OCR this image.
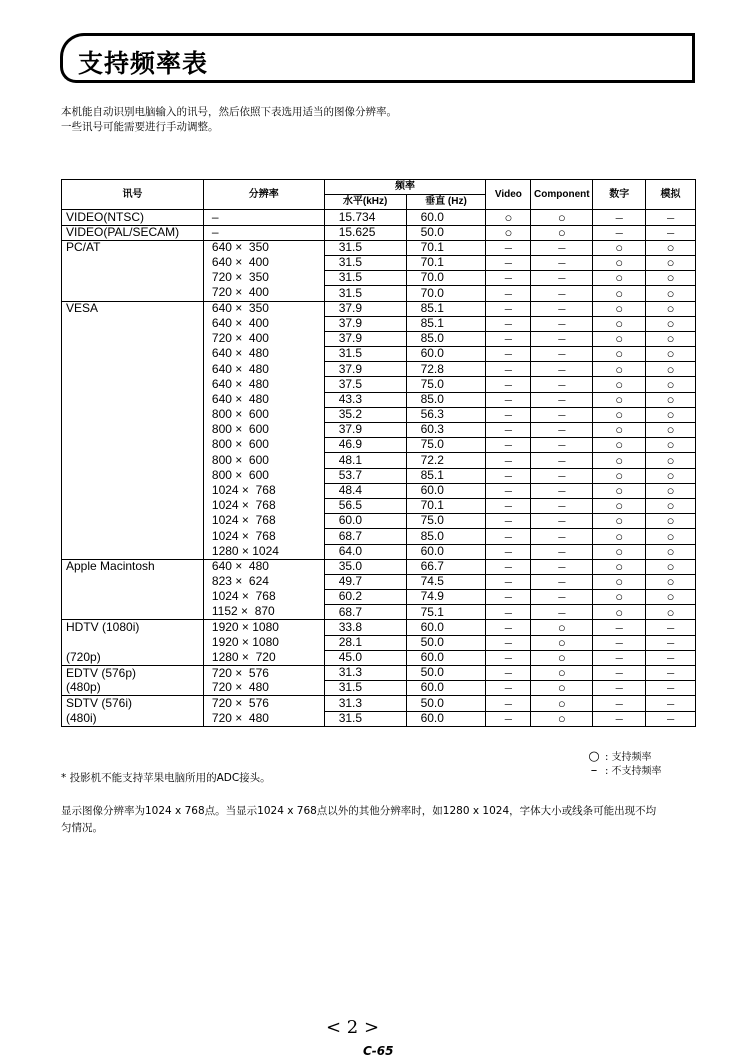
支持频率表
本机能自动识别电脑输入的讯号，然后依照下表选用适当的图像分辨率。
一些讯号可能需要进行手动调整。
讯号	分辨率	频率		Video	Component	数字	模拟
		水平(kHz)	垂直 (Hz)				
VIDEO(NTSC)	–	15.734	60.0	○	○	–	–
VIDEO(PAL/SECAM)	–	15.625	50.0	○	○	–	–
PC/AT	640 ×  350	31.5	70.1	–	–	○	○
	640 ×  400	31.5	70.1	–	–	○	○
	720 ×  350	31.5	70.0	–	–	○	○
	720 ×  400	31.5	70.0	–	–	○	○
VESA	640 ×  350	37.9	85.1	–	–	○	○
	640 ×  400	37.9	85.1	–	–	○	○
	720 ×  400	37.9	85.0	–	–	○	○
	640 ×  480	31.5	60.0	–	–	○	○
	640 ×  480	37.9	72.8	–	–	○	○
	640 ×  480	37.5	75.0	–	–	○	○
	640 ×  480	43.3	85.0	–	–	○	○
	800 ×  600	35.2	56.3	–	–	○	○
	800 ×  600	37.9	60.3	–	–	○	○
	800 ×  600	46.9	75.0	–	–	○	○
	800 ×  600	48.1	72.2	–	–	○	○
	800 ×  600	53.7	85.1	–	–	○	○
	1024 ×  768	48.4	60.0	–	–	○	○
	1024 ×  768	56.5	70.1	–	–	○	○
	1024 ×  768	60.0	75.0	–	–	○	○
	1024 ×  768	68.7	85.0	–	–	○	○
	1280 × 1024	64.0	60.0	–	–	○	○
Apple Macintosh	640 ×  480	35.0	66.7	–	–	○	○
	823 ×  624	49.7	74.5	–	–	○	○
	1024 ×  768	60.2	74.9	–	–	○	○
	1152 ×  870	68.7	75.1	–	–	○	○
HDTV (1080i)	1920 × 1080	33.8	60.0	–	○	–	–
	1920 × 1080	28.1	50.0	–	○	–	–
(720p)	1280 ×  720	45.0	60.0	–	○	–	–
EDTV (576p)	720 ×  576	31.3	50.0	–	○	–	–
(480p)	720 ×  480	31.5	60.0	–	○	–	–
SDTV (576i)	720 ×  576	31.3	50.0	–	○	–	–
(480i)	720 ×  480	31.5	60.0	–	○	–	–
○ : 支持频率
– : 不支持频率
* 投影机不能支持苹果电脑所用的ADC接头。
显示图像分辨率为1024 x 768点。当显示1024 x 768点以外的其他分辨率时，如1280 x 1024，字体大小或线条可能出现不均匀情况。
< 2 >
C-65
